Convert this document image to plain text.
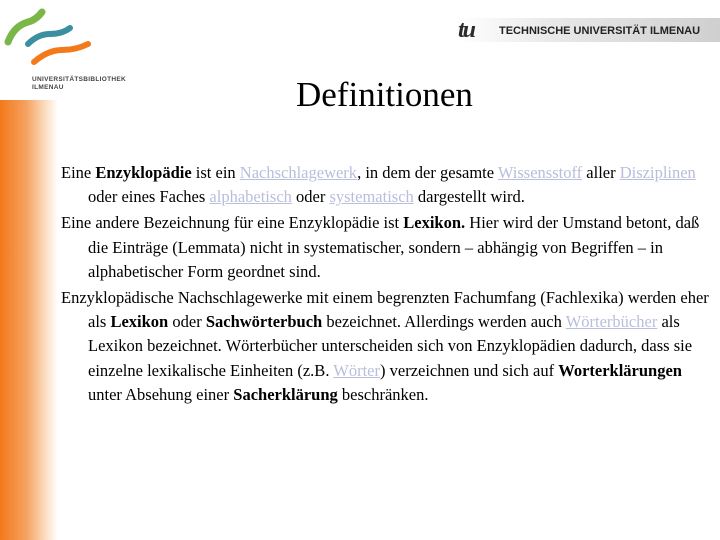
tu TECHNISCHE UNIVERSITÄT ILMENAU
UNIVERSITÄTSBIBLIOTHEK
ILMENAU	Definitionen

Eine Enzyklopädie ist ein Nachschlagewerk, in dem der gesamte Wissensstoff aller Disziplinen oder eines Faches alphabetisch oder systematisch dargestellt wird.

Eine andere Bezeichnung für eine Enzyklopädie ist Lexikon. Hier wird der Umstand betont, daß die Einträge (Lemmata) nicht in systematischer, sondern – abhängig von Begriffen – in alphabetischer Form geordnet sind.

Enzyklopädische Nachschlagewerke mit einem begrenzten Fachumfang (Fachlexika) werden eher als Lexikon oder Sachwörterbuch bezeichnet. Allerdings werden auch Wörterbücher als Lexikon bezeichnet. Wörterbücher unterscheiden sich von Enzyklopädien dadurch, dass sie einzelne lexikalische Einheiten (z.B. Wörter) verzeichnen und sich auf Worterklärungen unter Absehung einer Sacherklärung beschränken.
